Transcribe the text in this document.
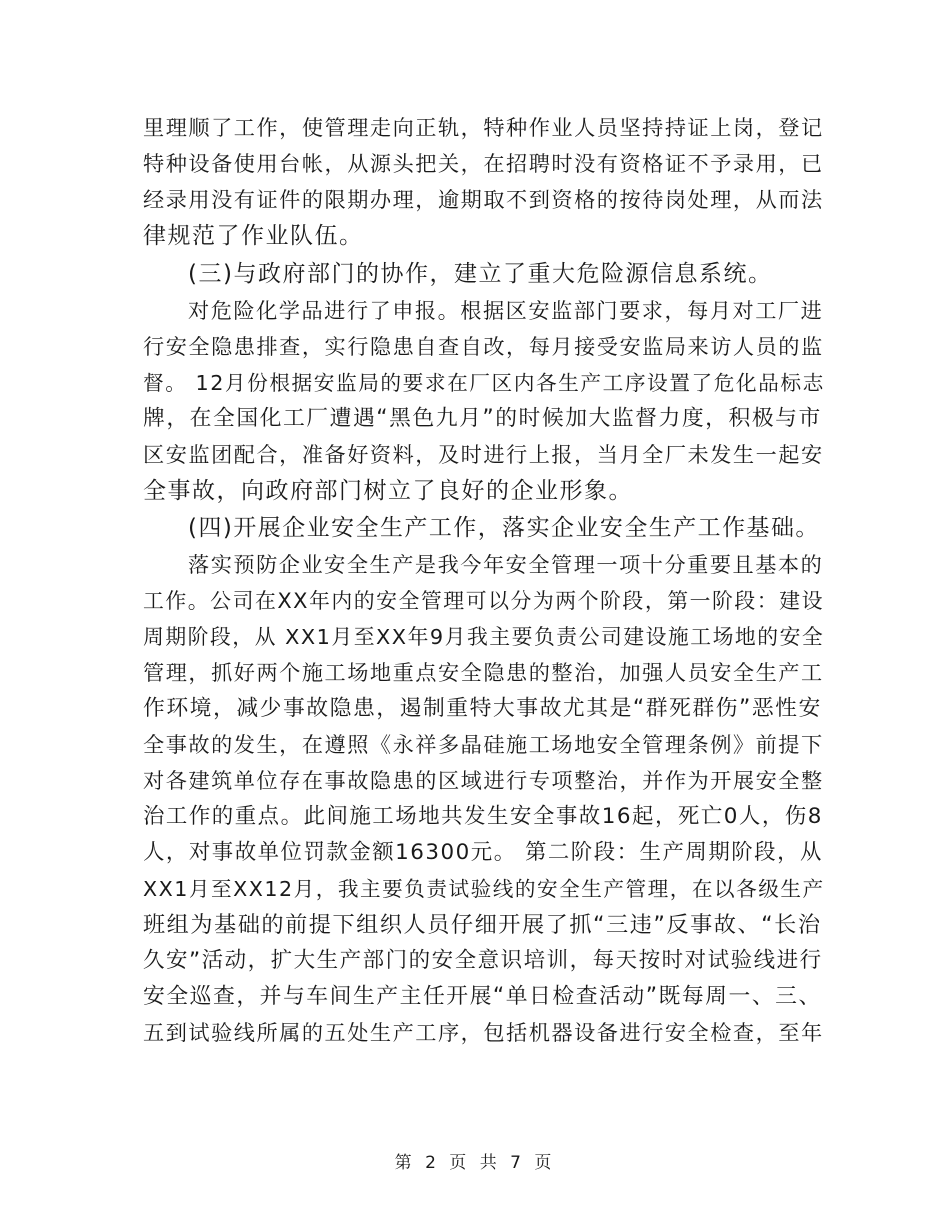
里理顺了工作，使管理走向正轨，特种作业人员坚持持证上岗，登记
特种设备使用台帐，从源头把关，在招聘时没有资格证不予录用，已
经录用没有证件的限期办理，逾期取不到资格的按待岗处理，从而法
律规范了作业队伍。
(三)与政府部门的协作，建立了重大危险源信息系统。
对危险化学品进行了申报。根据区安监部门要求，每月对工厂进
行安全隐患排查，实行隐患自查自改，每月接受安监局来访人员的监
督。 12月份根据安监局的要求在厂区内各生产工序设置了危化品标志
牌，在全国化工厂遭遇“黑色九月”的时候加大监督力度，积极与市
区安监团配合，准备好资料，及时进行上报，当月全厂未发生一起安
全事故，向政府部门树立了良好的企业形象。
(四)开展企业安全生产工作，落实企业安全生产工作基础。
落实预防企业安全生产是我今年安全管理一项十分重要且基本的
工作。公司在XX年内的安全管理可以分为两个阶段，第一阶段：建设
周期阶段，从 XX1月至XX年9月我主要负责公司建设施工场地的安全
管理，抓好两个施工场地重点安全隐患的整治，加强人员安全生产工
作环境，减少事故隐患，遏制重特大事故尤其是“群死群伤”恶性安
全事故的发生，在遵照《永祥多晶硅施工场地安全管理条例》前提下
对各建筑单位存在事故隐患的区域进行专项整治，并作为开展安全整
治工作的重点。此间施工场地共发生安全事故16起，死亡0人，伤8
人，对事故单位罚款金额16300元。 第二阶段：生产周期阶段，从
XX1月至XX12月，我主要负责试验线的安全生产管理，在以各级生产
班组为基础的前提下组织人员仔细开展了抓“三违”反事故、“长治
久安”活动，扩大生产部门的安全意识培训，每天按时对试验线进行
安全巡查，并与车间生产主任开展“单日检查活动”既每周一、三、
五到试验线所属的五处生产工序，包括机器设备进行安全检查，至年
第 2 页 共 7 页
